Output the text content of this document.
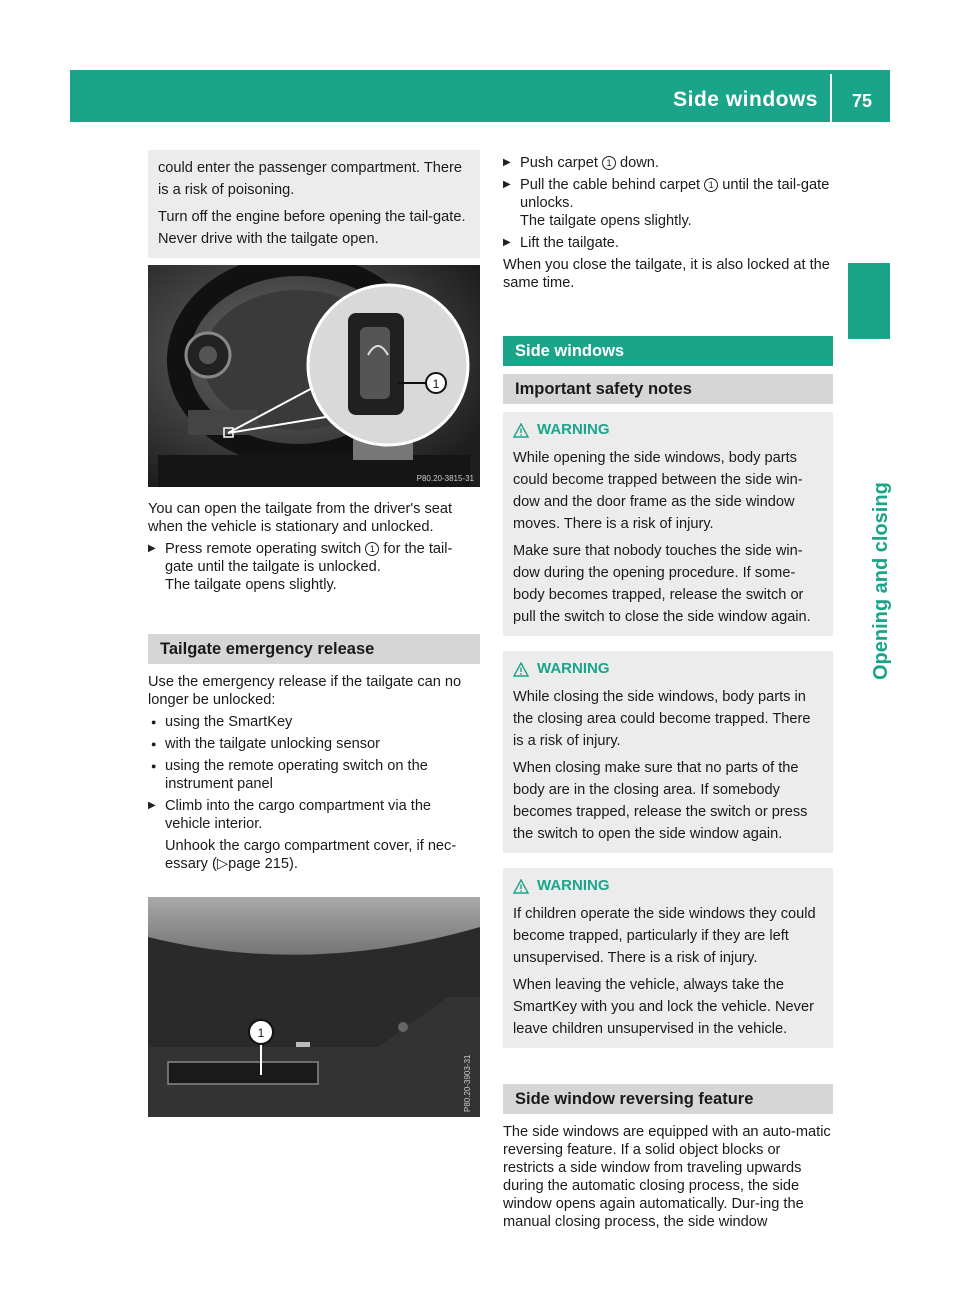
Side windows 75
Opening and closing

could enter the passenger compartment. There is a risk of poisoning.

Turn off the engine before opening the tail-gate. Never drive with the tailgate open.

1
P80.20-3815-31

You can open the tailgate from the driver's seat when the vehicle is stationary and unlocked.

▶ Press remote operating switch 1 for the tail-gate until the tailgate is unlocked.
The tailgate opens slightly.
Tailgate emergency release

Use the emergency release if the tailgate can no longer be unlocked:

● using the SmartKey
● with the tailgate unlocking sensor
● using the remote operating switch on the instrument panel
▶ Climb into the cargo compartment via the vehicle interior.

Unhook the cargo compartment cover, if nec-essary (▷page 215).

1
P80.20-3903-31
▶ Push carpet 1 down.
▶ Pull the cable behind carpet 1 until the tail-gate unlocks.
The tailgate opens slightly.
▶ Lift the tailgate.

When you close the tailgate, it is also locked at the same time.

Side windows
Important safety notes
WARNING

While opening the side windows, body parts could become trapped between the side win-dow and the door frame as the side window moves. There is a risk of injury.

Make sure that nobody touches the side win-dow during the opening procedure. If some-body becomes trapped, release the switch or pull the switch to close the side window again.

WARNING

While closing the side windows, body parts in the closing area could become trapped. There is a risk of injury.

When closing make sure that no parts of the body are in the closing area. If somebody becomes trapped, release the switch or press the switch to open the side window again.

WARNING

If children operate the side windows they could become trapped, particularly if they are left unsupervised. There is a risk of injury.

When leaving the vehicle, always take the SmartKey with you and lock the vehicle. Never leave children unsupervised in the vehicle.

Side window reversing feature

The side windows are equipped with an auto-matic reversing feature. If a solid object blocks or restricts a side window from traveling upwards during the automatic closing process, the side window opens again automatically. Dur-ing the manual closing process, the side window
